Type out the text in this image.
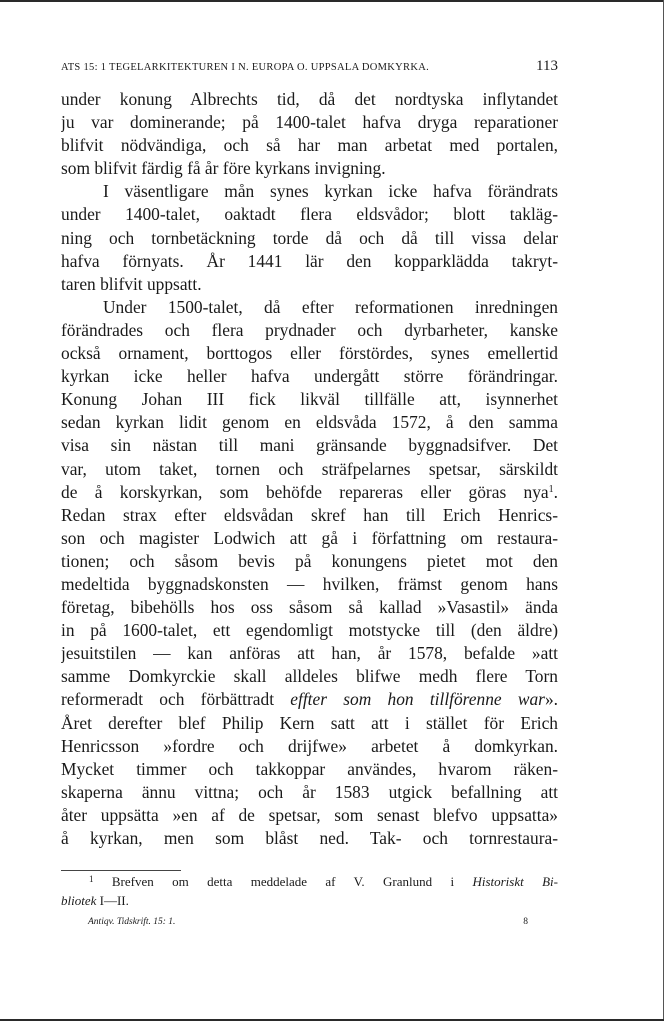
ATS 15: 1 TEGELARKITEKTUREN I N. EUROPA O. UPPSALA DOMKYRKA.	113
under konung Albrechts tid, då det nordtyska inflytandet
ju var dominerande; på 1400-talet hafva dryga reparationer
blifvit nödvändiga, och så har man arbetat med portalen,
som blifvit färdig få år före kyrkans invigning.
I väsentligare mån synes kyrkan icke hafva förändrats
under 1400-talet, oaktadt flera eldsvådor; blott takläg-
ning och tornbetäckning torde då och då till vissa delar
hafva förnyats. År 1441 lär den kopparklädda takryt-
taren blifvit uppsatt.
Under 1500-talet, då efter reformationen inredningen
förändrades och flera prydnader och dyrbarheter, kanske
också ornament, borttogos eller förstördes, synes emellertid
kyrkan icke heller hafva undergått större förändringar.
Konung Johan III fick likväl tillfälle att, isynnerhet
sedan kyrkan lidit genom en eldsvåda 1572, å den samma
visa sin nästan till mani gränsande byggnadsifver. Det
var, utom taket, tornen och sträfpelarnes spetsar, särskildt
de å korskyrkan, som behöfde repareras eller göras nya$^1$.
Redan strax efter eldsvådan skref han till Erich Henrics-
son och magister Lodwich att gå i författning om restaura-
tionen; och såsom bevis på konungens pietet mot den
medeltida byggnadskonsten — hvilken, främst genom hans
företag, bibehölls hos oss såsom så kallad »Vasastil» ända
in på 1600-talet, ett egendomligt motstycke till (den äldre)
jesuitstilen — kan anföras att han, år 1578, befalde »att
samme Domkyrckie skall alldeles blifwe medh flere Torn
reformeradt och förbättradt effter som hon tillförenne war».
Året derefter blef Philip Kern satt att i stället för Erich
Henricsson »fordre och drijfwe» arbetet å domkyrkan.
Mycket timmer och takkoppar användes, hvarom räken-
skaperna ännu vittna; och år 1583 utgick befallning att
åter uppsätta »en af de spetsar, som senast blefvo uppsatta»
å kyrkan, men som blåst ned. Tak- och tornrestaura-
$^1$ Brefven om detta meddelade af V. Granlund i Historiskt Bi-
bliotek I—II.
Antiqv. Tidskrift. 15: 1.	8
